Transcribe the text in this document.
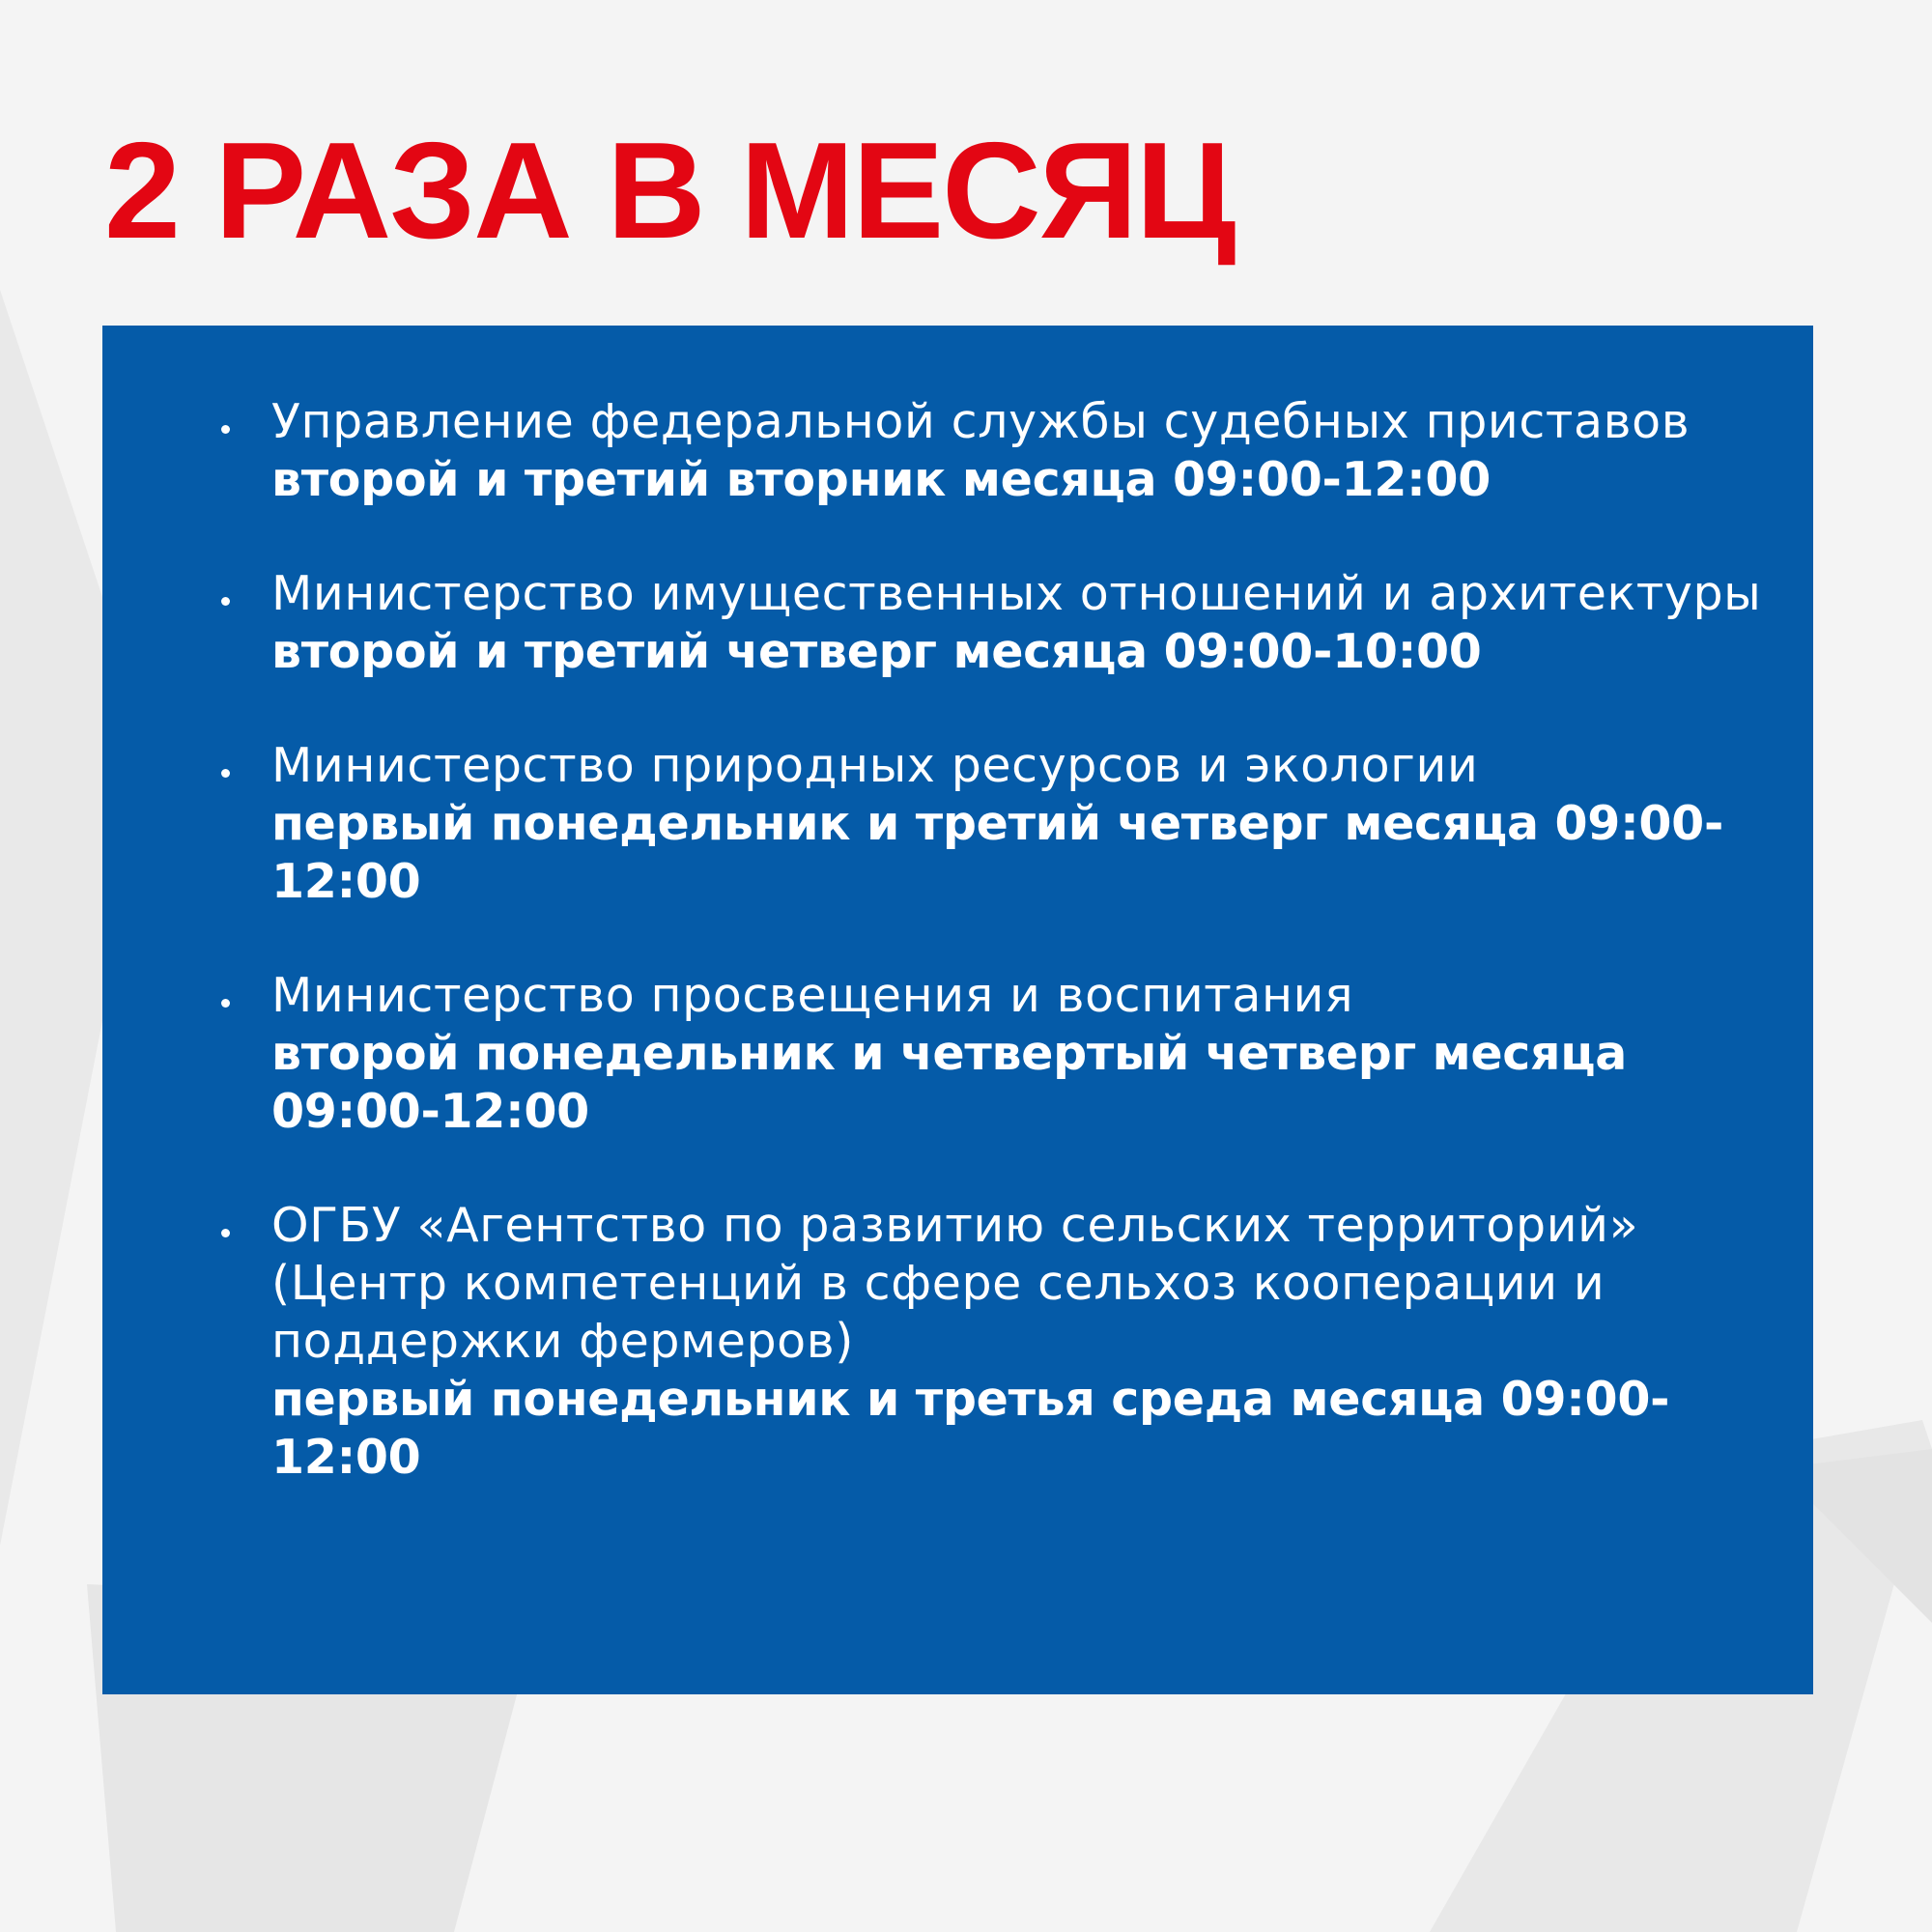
2 РАЗА В МЕСЯЦ
Управление федеральной службы судебных приставов
второй и третий вторник месяца 09:00-12:00
Министерство имущественных отношений и архитектуры
второй и третий четверг месяца 09:00-10:00
Министерство природных ресурсов и экологии
первый понедельник и третий четверг месяца 09:00-12:00
Министерство просвещения и воспитания
второй понедельник и четвертый четверг месяца 09:00-12:00
ОГБУ «Агентство по развитию сельских территорий» (Центр компетенций в сфере сельхоз кооперации и поддержки фермеров)
первый понедельник и третья среда месяца 09:00-12:00
